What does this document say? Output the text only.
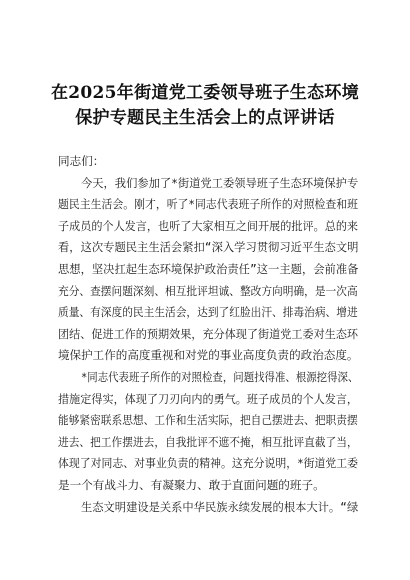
在2025年街道党工委领导班子生态环境
保护专题民主生活会上的点评讲话
同志们：
今天，我们参加了*街道党工委领导班子生态环境保护专
题民主生活会。刚才，听了*同志代表班子所作的对照检查和班
子成员的个人发言，也听了大家相互之间开展的批评。总的来
看，这次专题民主生活会紧扣“深入学习贯彻习近平生态文明
思想，坚决扛起生态环境保护政治责任”这一主题，会前准备
充分、查摆问题深刻、相互批评坦诚、整改方向明确，是一次高
质量、有深度的民主生活会，达到了红脸出汗、排毒治病、增进
团结、促进工作的预期效果，充分体现了街道党工委对生态环
境保护工作的高度重视和对党的事业高度负责的政治态度。
*同志代表班子所作的对照检查，问题找得准、根源挖得深、
措施定得实，体现了刀刃向内的勇气。班子成员的个人发言，
能够紧密联系思想、工作和生活实际，把自己摆进去、把职责摆
进去、把工作摆进去，自我批评不遮不掩，相互批评直截了当，
体现了对同志、对事业负责的精神。这充分说明，*街道党工委
是一个有战斗力、有凝聚力、敢于直面问题的班子。
生态文明建设是关系中华民族永续发展的根本大计。“绿
